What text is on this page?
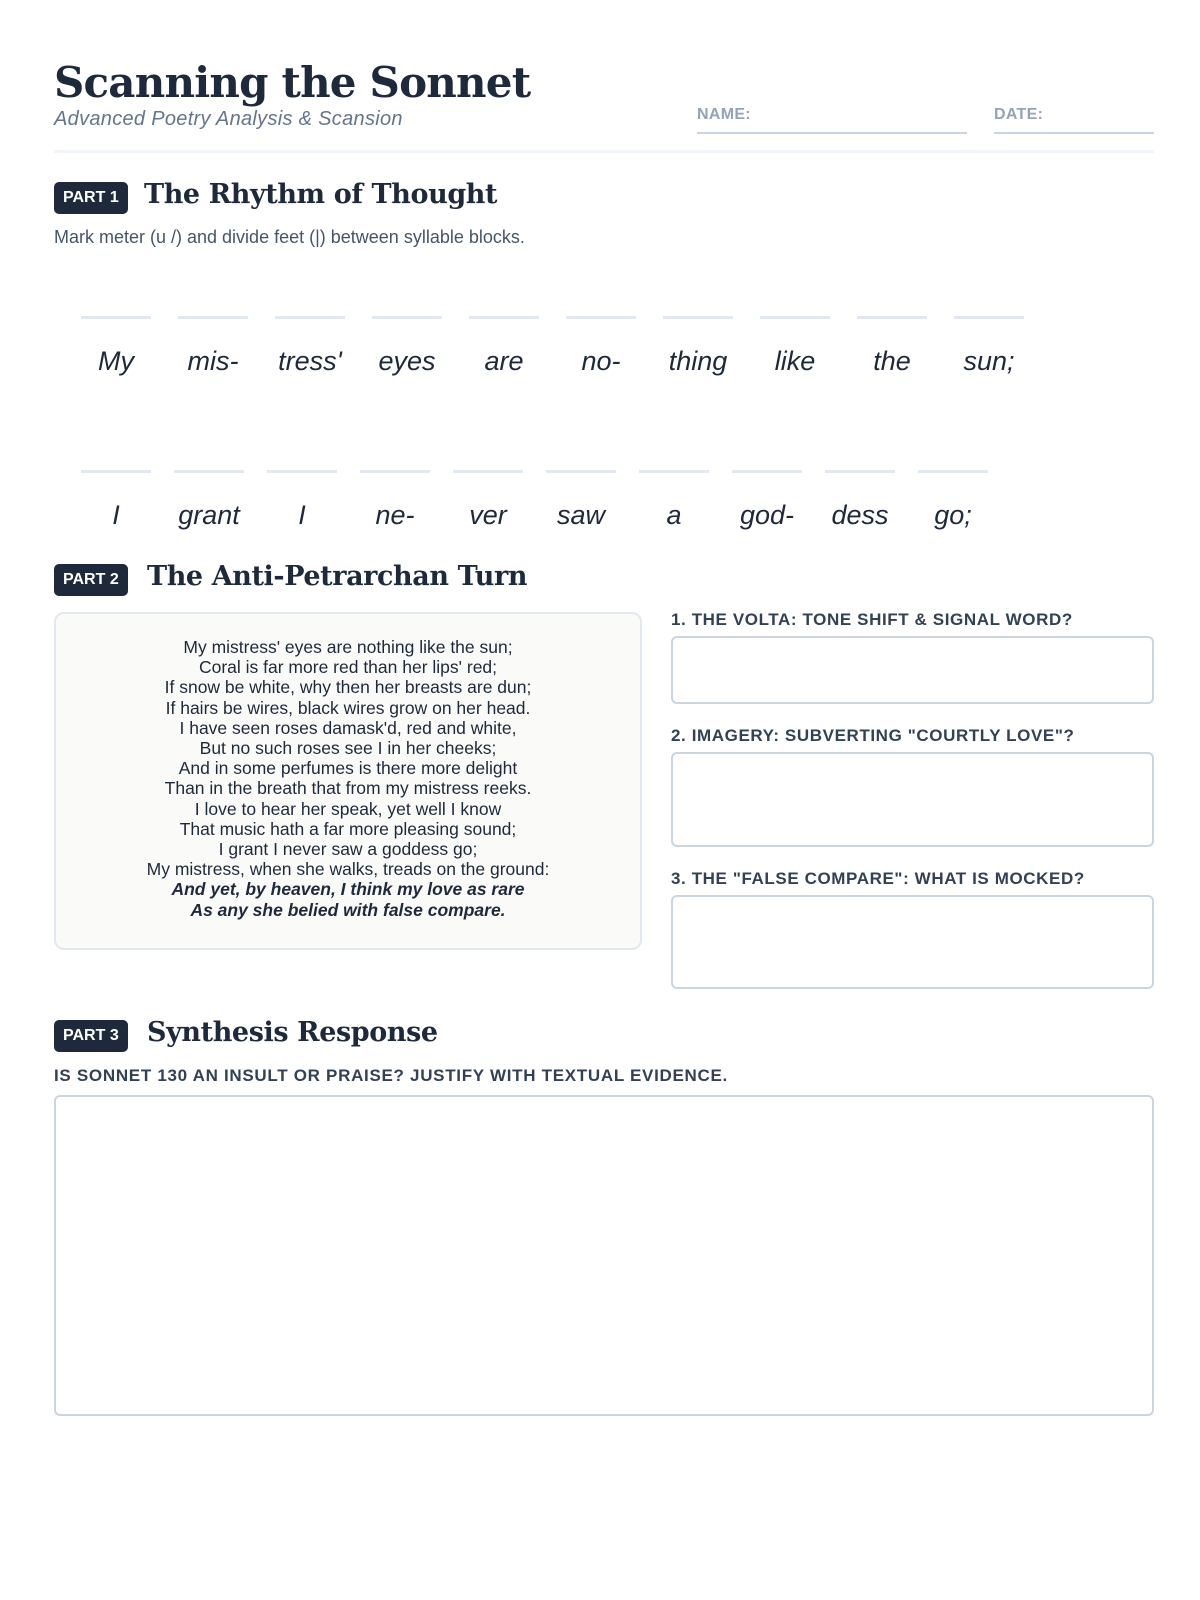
Scanning the Sonnet
Advanced Poetry Analysis & Scansion	NAME:	DATE:
PART 1 The Rhythm of Thought
Mark meter (u /) and divide feet (|) between syllable blocks.
My	mis-	tress'	eyes	are	no-	thing	like	the	sun;
I	grant	I	ne-	ver	saw	a	god-	dess	go;
PART 2	The Anti-Petrarchan Turn
My mistress' eyes are nothing like the sun;
Coral is far more red than her lips' red;
If snow be white, why then her breasts are dun;
If hairs be wires, black wires grow on her head.
I have seen roses damask'd, red and white,
But no such roses see I in her cheeks;
And in some perfumes is there more delight
Than in the breath that from my mistress reeks.
I love to hear her speak, yet well I know
That music hath a far more pleasing sound;
I grant I never saw a goddess go;
My mistress, when she walks, treads on the ground:
And yet, by heaven, I think my love as rare
As any she belied with false compare.
1. THE VOLTA: TONE SHIFT & SIGNAL WORD?
2. IMAGERY: SUBVERTING "COURTLY LOVE"?
3. THE "FALSE COMPARE": WHAT IS MOCKED?
PART 3	Synthesis Response
IS SONNET 130 AN INSULT OR PRAISE? JUSTIFY WITH TEXTUAL EVIDENCE.
